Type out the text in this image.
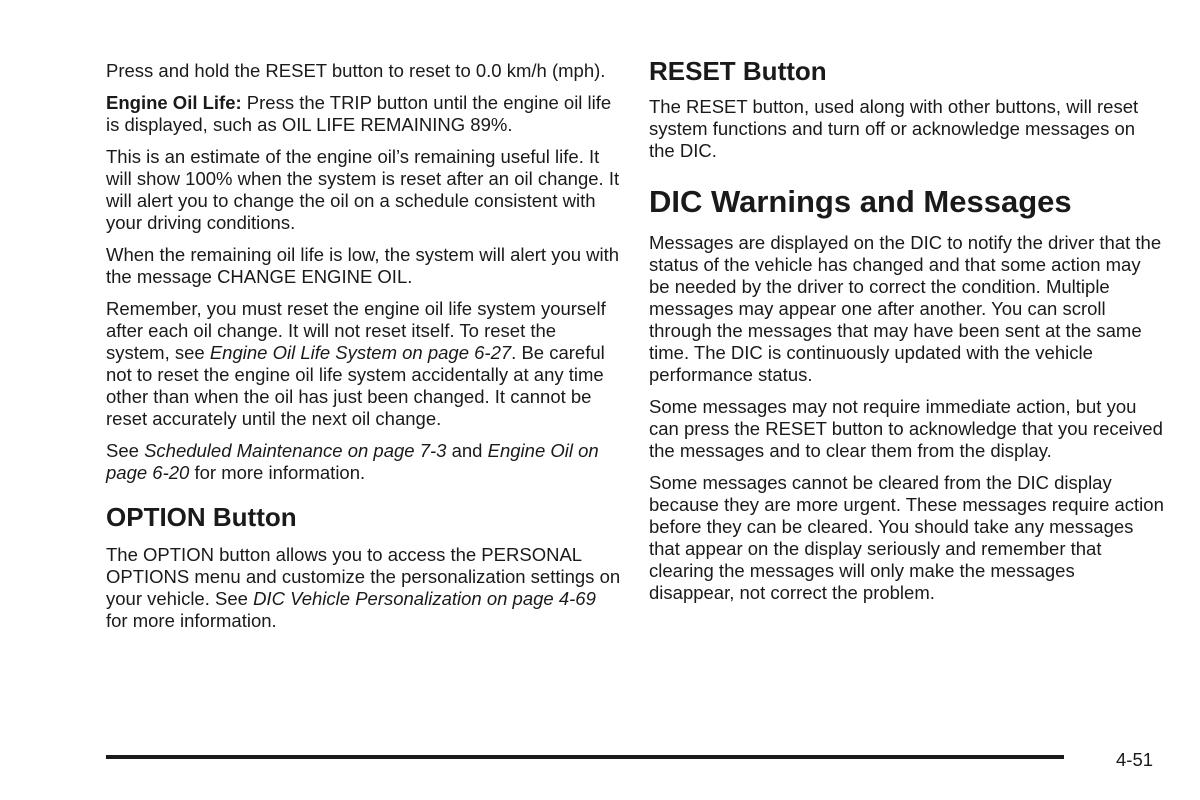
Press and hold the RESET button to reset to 0.0 km/h (mph).

Engine Oil Life: Press the TRIP button until the engine oil life is displayed, such as OIL LIFE REMAINING 89%.

This is an estimate of the engine oil’s remaining useful life. It will show 100% when the system is reset after an oil change. It will alert you to change the oil on a schedule consistent with your driving conditions.

When the remaining oil life is low, the system will alert you with the message CHANGE ENGINE OIL.

Remember, you must reset the engine oil life system yourself after each oil change. It will not reset itself. To reset the system, see Engine Oil Life System on page 6-27. Be careful not to reset the engine oil life system accidentally at any time other than when the oil has just been changed. It cannot be reset accurately until the next oil change.

See Scheduled Maintenance on page 7-3 and Engine Oil on page 6-20 for more information.

OPTION Button

The OPTION button allows you to access the PERSONAL OPTIONS menu and customize the personalization settings on your vehicle. See DIC Vehicle Personalization on page 4-69 for more information.

RESET Button

The RESET button, used along with other buttons, will reset system functions and turn off or acknowledge messages on the DIC.

DIC Warnings and Messages

Messages are displayed on the DIC to notify the driver that the status of the vehicle has changed and that some action may be needed by the driver to correct the condition. Multiple messages may appear one after another. You can scroll through the messages that may have been sent at the same time. The DIC is continuously updated with the vehicle performance status.

Some messages may not require immediate action, but you can press the RESET button to acknowledge that you received the messages and to clear them from the display.

Some messages cannot be cleared from the DIC display because they are more urgent. These messages require action before they can be cleared. You should take any messages that appear on the display seriously and remember that clearing the messages will only make the messages disappear, not correct the problem.

4-51
